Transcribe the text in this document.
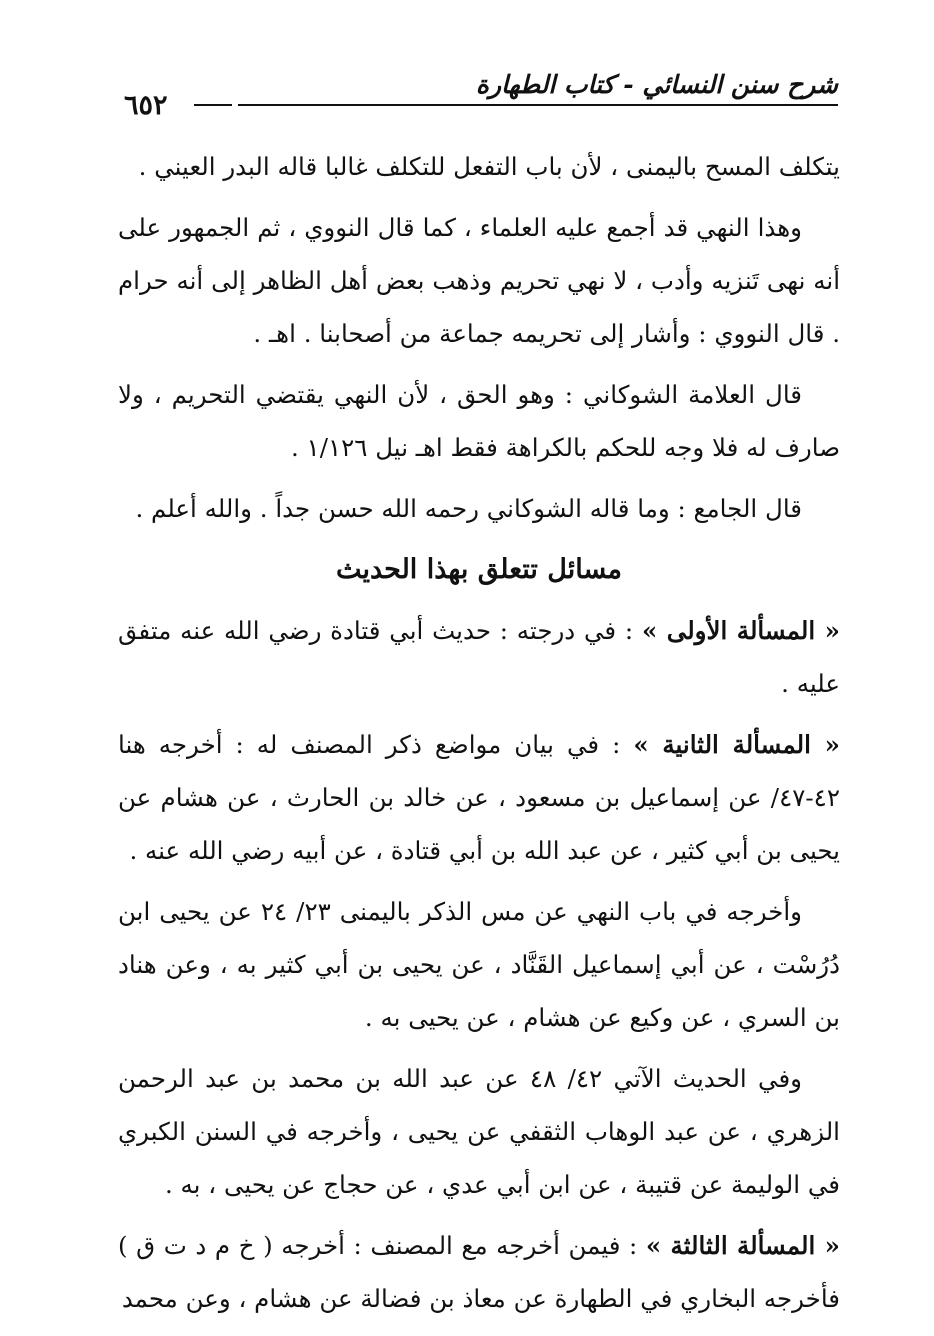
شرح سنن النسائي - كتاب الطهارة
٦٥٢

يتكلف المسح باليمنى ، لأن باب التفعل للتكلف غالبا قاله البدر العيني .

وهذا النهي قد أجمع عليه العلماء ، كما قال النووي ، ثم الجمهور على أنه نهى تَنزيه وأدب ، لا نهي تحريم وذهب بعض أهل الظاهر إلى أنه حرام . قال النووي : وأشار إلى تحريمه جماعة من أصحابنا . اهـ .

قال العلامة الشوكاني : وهو الحق ، لأن النهي يقتضي التحريم ، ولا صارف له فلا وجه للحكم بالكراهة فقط اهـ نيل ١/١٢٦ .

قال الجامع : وما قاله الشوكاني رحمه الله حسن جداً . والله أعلم .

مسائل تتعلق بهذا الحديث

« المسألة الأولى » : في درجته : حديث أبي قتادة رضي الله عنه متفق عليه .

« المسألة الثانية » : في بيان مواضع ذكر المصنف له : أخرجه هنا ٤٢-٤٧/ عن إسماعيل بن مسعود ، عن خالد بن الحارث ، عن هشام عن يحيى بن أبي كثير ، عن عبد الله بن أبي قتادة ، عن أبيه رضي الله عنه .

وأخرجه في باب النهي عن مس الذكر باليمنى ٢٣/ ٢٤ عن يحيى ابن دُرُسْت ، عن أبي إسماعيل القَنَّاد ، عن يحيى بن أبي كثير به ، وعن هناد بن السري ، عن وكيع عن هشام ، عن يحيى به .

وفي الحديث الآتي ٤٢/ ٤٨ عن عبد الله بن محمد بن عبد الرحمن الزهري ، عن عبد الوهاب الثقفي عن يحيى ، وأخرجه في السنن الكبري في الوليمة عن قتيبة ، عن ابن أبي عدي ، عن حجاج عن يحيى ، به .

« المسألة الثالثة » : فيمن أخرجه مع المصنف : أخرجه ( خ م د ت ق ) فأخرجه البخاري في الطهارة عن معاذ بن فضالة عن هشام ، وعن محمد
